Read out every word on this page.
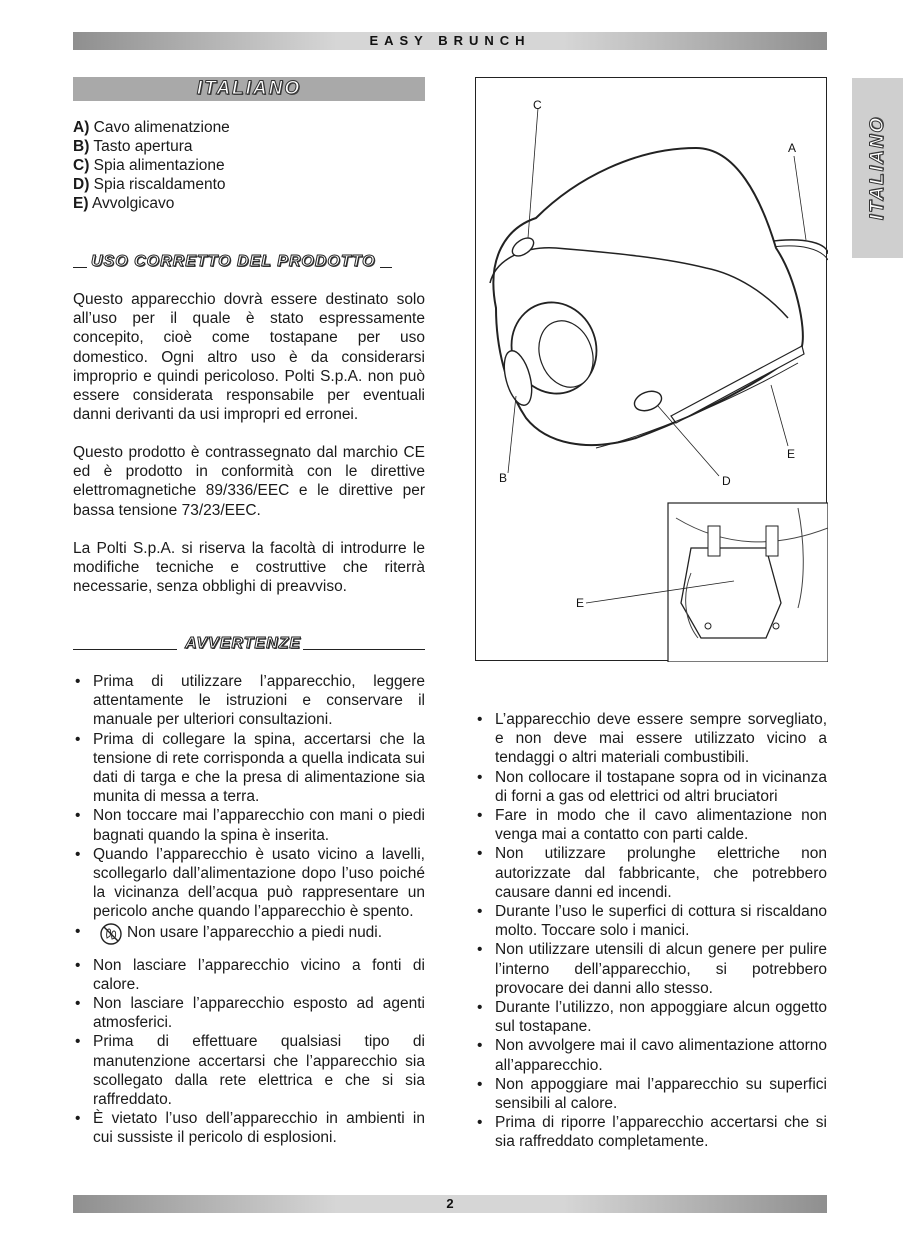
EASY BRUNCH
ITALIANO
ITALIANO
A) Cavo alimenatzione
B) Tasto apertura
C) Spia alimentazione
D) Spia riscaldamento
E) Avvolgicavo
USO CORRETTO DEL PRODOTTO

Questo apparecchio dovrà essere destinato solo all’uso per il quale è stato espressamente concepito, cioè come tostapane per uso domestico. Ogni altro uso è da considerarsi improprio e quindi pericoloso. Polti S.p.A. non può essere considerata responsabile per eventuali danni derivanti da usi impropri ed erronei.

Questo prodotto è contrassegnato dal marchio CE ed è prodotto in conformità con le direttive elettromagnetiche 89/336/EEC e le direttive per bassa tensione 73/23/EEC.

La Polti S.p.A. si riserva la facoltà di introdurre le modifiche tecniche e costruttive che riterrà necessarie, senza obblighi di preavviso.

AVVERTENZE
• Prima di utilizzare l’apparecchio, leggere attentamente le istruzioni e conservare il manuale per ulteriori consultazioni.
• Prima di collegare la spina, accertarsi che la tensione di rete corrisponda a quella indicata sui dati di targa e che la presa di alimentazione sia munita di messa a terra.
• Non toccare mai l’apparecchio con mani o piedi bagnati quando la spina è inserita.
• Quando l’apparecchio è usato vicino a lavelli, scollegarlo dall’alimentazione dopo l’uso poiché la vicinanza dell’acqua può rappresentare un pericolo anche quando l’apparecchio è spento.
• Non usare l’apparecchio a piedi nudi.
• Non lasciare l’apparecchio vicino a fonti di calore.
• Non lasciare l’apparecchio esposto ad agenti atmosferici.
• Prima di effettuare qualsiasi tipo di manutenzione accertarsi che l’apparecchio sia scollegato dalla rete elettrica e che si sia raffreddato.
• È vietato l’uso dell’apparecchio in ambienti in cui sussiste il pericolo di esplosioni.
C
A
B	D
E
E
• L’apparecchio deve essere sempre sorvegliato, e non deve mai essere utilizzato vicino a tendaggi o altri materiali combustibili.
• Non collocare il tostapane sopra od in vicinanza di forni a gas od elettrici od altri bruciatori
• Fare in modo che il cavo alimentazione non venga mai a contatto con parti calde.
• Non utilizzare prolunghe elettriche non autorizzate dal fabbricante, che potrebbero causare danni ed incendi.
• Durante l’uso le superfici di cottura si riscaldano molto. Toccare solo i manici.
• Non utilizzare utensili di alcun genere per pulire l’interno dell’apparecchio, si potrebbero provocare dei danni allo stesso.
• Durante l’utilizzo, non appoggiare alcun oggetto sul tostapane.
• Non avvolgere mai il cavo alimentazione attorno all’apparecchio.
• Non appoggiare mai l’apparecchio su superfici sensibili al calore.
• Prima di riporre l’apparecchio accertarsi che si sia raffreddato completamente.
2
